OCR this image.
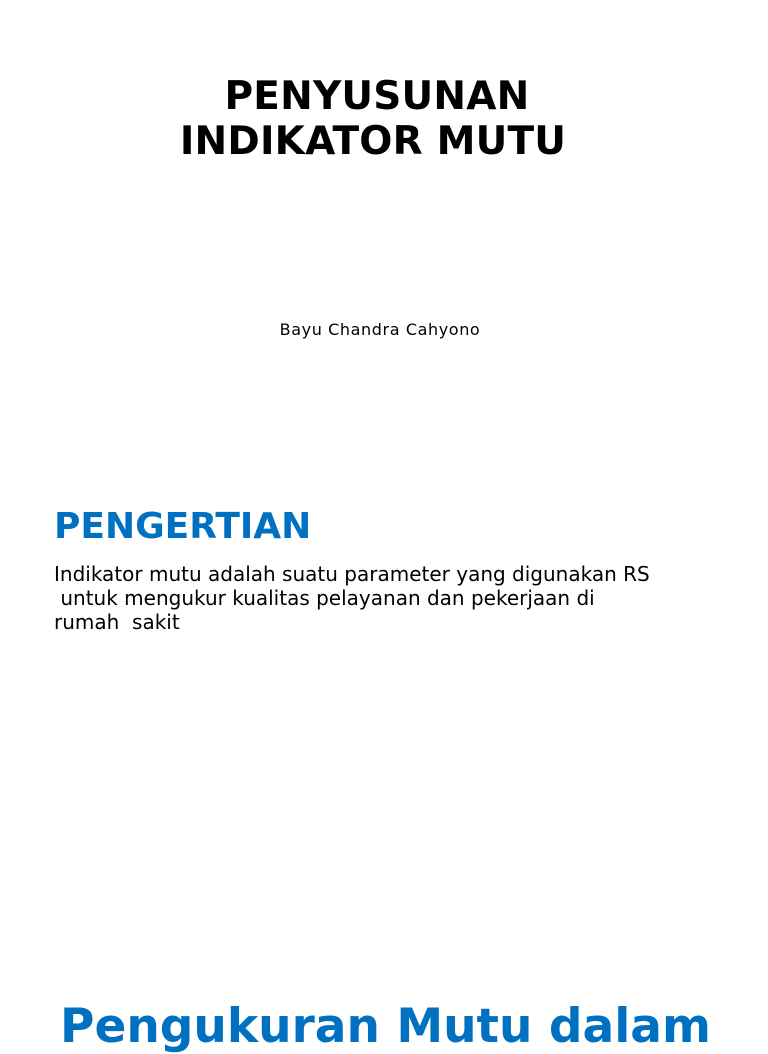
PENYUSUNAN
INDIKATOR MUTU

Bayu Chandra Cahyono

PENGERTIAN

Indikator mutu adalah suatu parameter yang digunakan RS
untuk mengukur kualitas pelayanan dan pekerjaan di
rumah  sakit

Pengukuran Mutu dalam
